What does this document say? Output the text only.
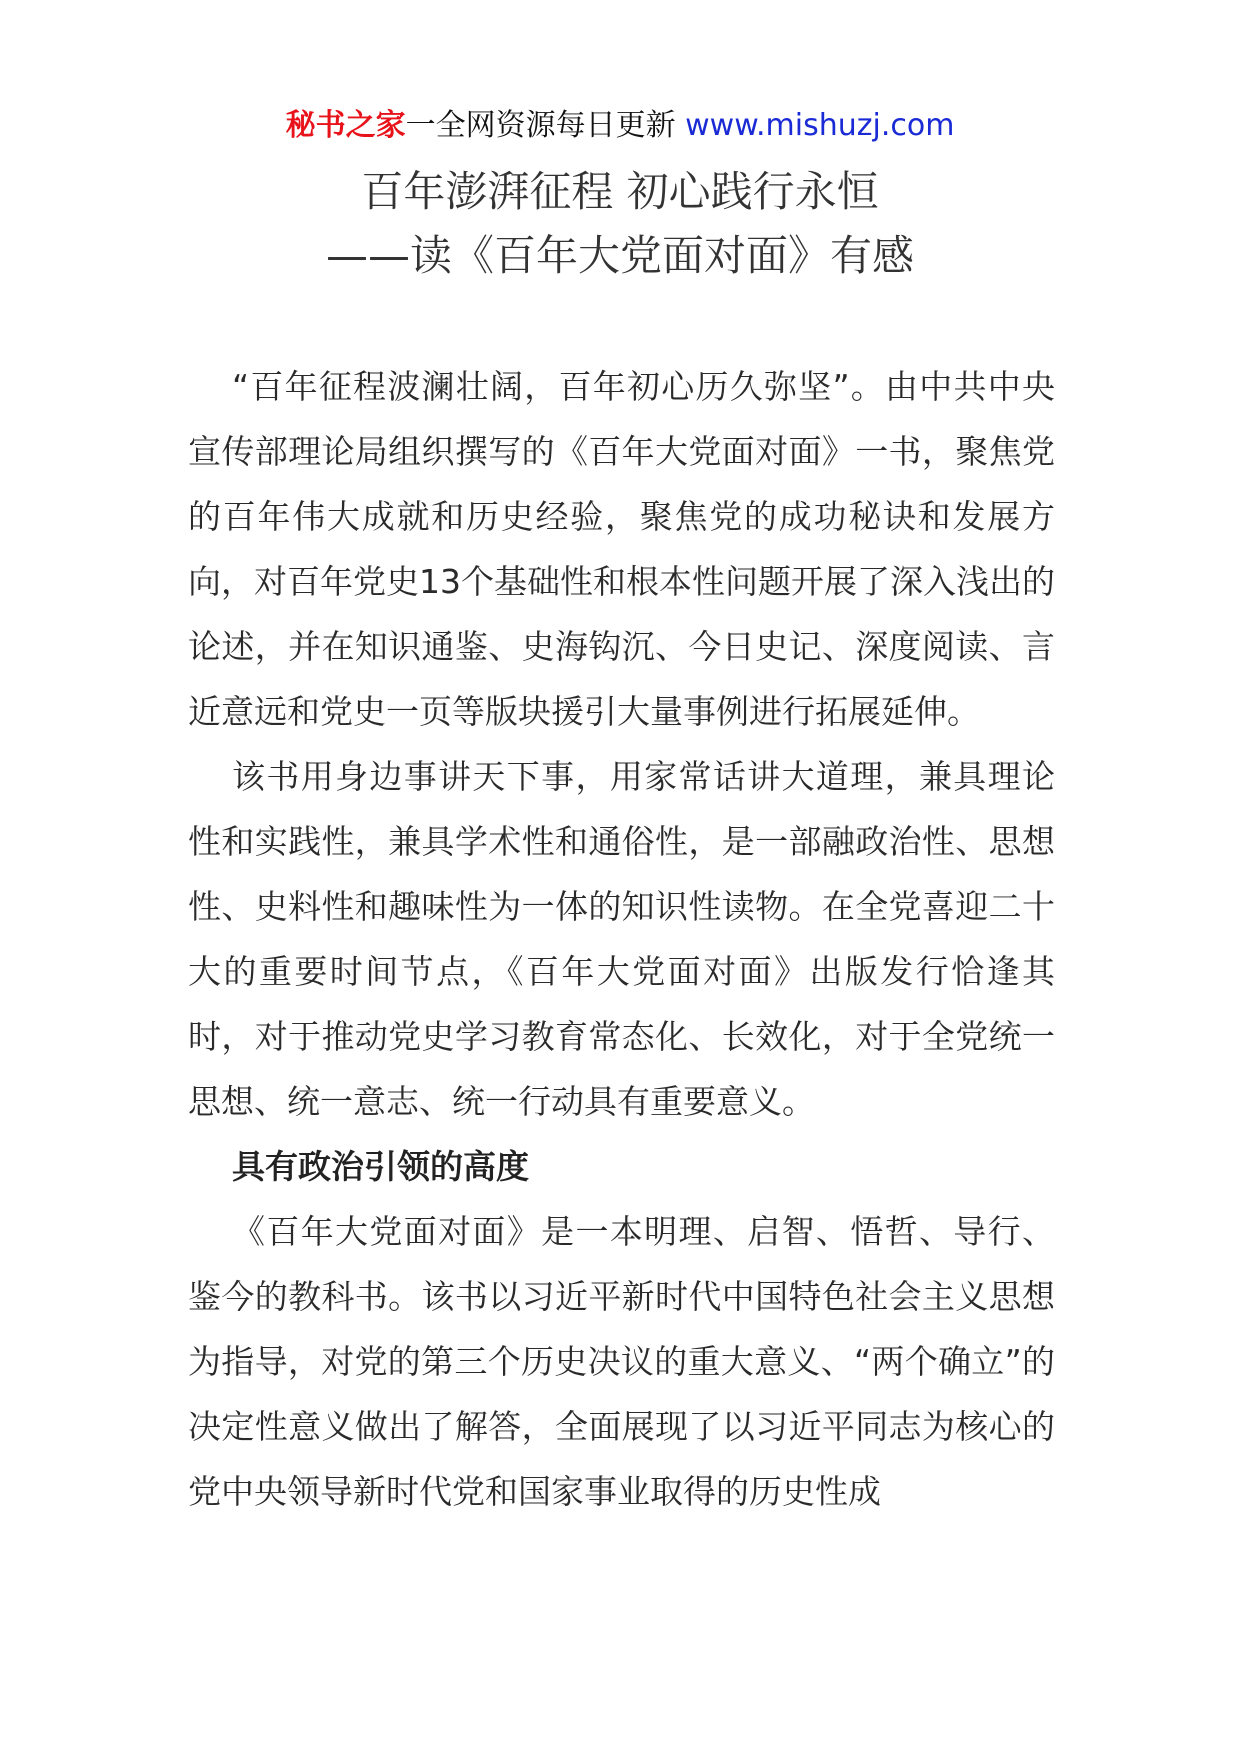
秘书之家一全网资源每日更新 www.mishuzj.com
百年澎湃征程 初心践行永恒
——读《百年大党面对面》有感

“百年征程波澜壮阔，百年初心历久弥坚”。由中共中央宣传部理论局组织撰写的《百年大党面对面》一书，聚焦党的百年伟大成就和历史经验，聚焦党的成功秘诀和发展方向，对百年党史13个基础性和根本性问题开展了深入浅出的论述，并在知识通鉴、史海钩沉、今日史记、深度阅读、言近意远和党史一页等版块援引大量事例进行拓展延伸。

该书用身边事讲天下事，用家常话讲大道理，兼具理论性和实践性，兼具学术性和通俗性，是一部融政治性、思想性、史料性和趣味性为一体的知识性读物。在全党喜迎二十大的重要时间节点，《百年大党面对面》出版发行恰逢其时，对于推动党史学习教育常态化、长效化，对于全党统一思想、统一意志、统一行动具有重要意义。

具有政治引领的高度

《百年大党面对面》是一本明理、启智、悟哲、导行、鉴今的教科书。该书以习近平新时代中国特色社会主义思想为指导，对党的第三个历史决议的重大意义、“两个确立”的决定性意义做出了解答，全面展现了以习近平同志为核心的党中央领导新时代党和国家事业取得的历史性成
